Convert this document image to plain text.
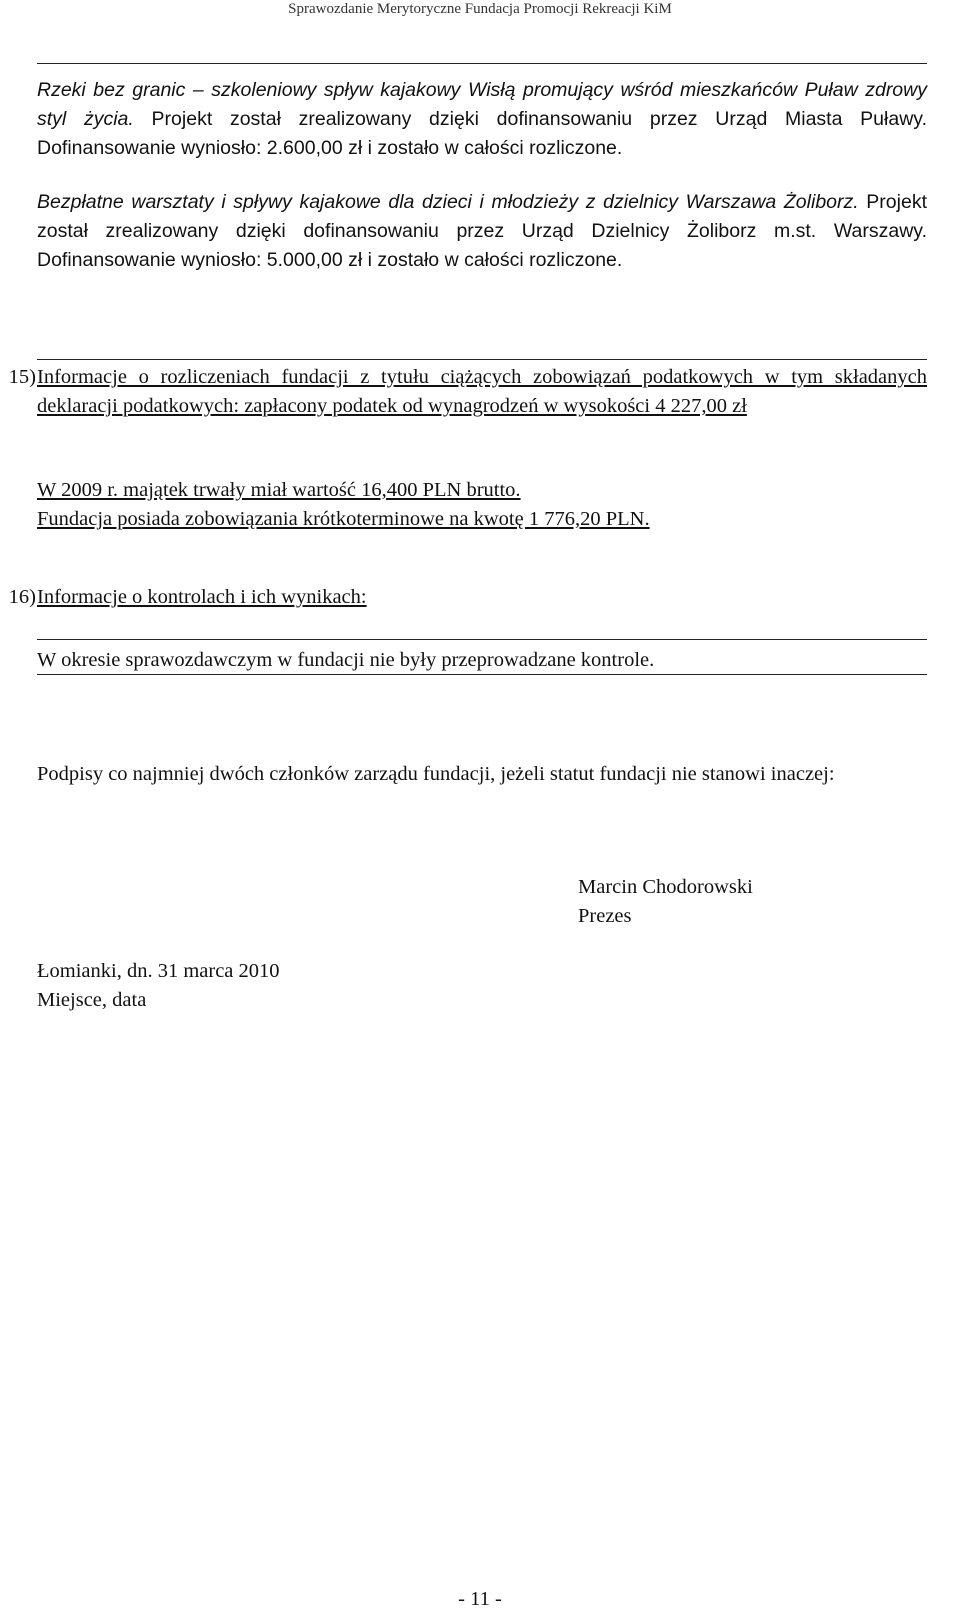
Sprawozdanie Merytoryczne Fundacja Promocji Rekreacji KiM
Rzeki bez granic – szkoleniowy spływ kajakowy Wisłą promujący wśród mieszkańców Puław zdrowy styl życia. Projekt został zrealizowany dzięki dofinansowaniu przez Urząd Miasta Puławy. Dofinansowanie wyniosło: 2.600,00 zł i zostało w całości rozliczone.
Bezpłatne warsztaty i spływy kajakowe dla dzieci i młodzieży z dzielnicy Warszawa Żoliborz. Projekt został zrealizowany dzięki dofinansowaniu przez Urząd Dzielnicy Żoliborz m.st. Warszawy. Dofinansowanie wyniosło: 5.000,00 zł i zostało w całości rozliczone.
15) Informacje o rozliczeniach fundacji z tytułu ciążących zobowiązań podatkowych w tym składanych deklaracji podatkowych: zapłacony podatek od wynagrodzeń w wysokości 4 227,00 zł
W 2009 r. majątek trwały miał wartość 16,400 PLN brutto.
Fundacja posiada zobowiązania krótkoterminowe na kwotę 1 776,20 PLN.
16) Informacje o kontrolach i ich wynikach:
W okresie sprawozdawczym w fundacji nie były przeprowadzane kontrole.
Podpisy co najmniej dwóch członków zarządu fundacji, jeżeli statut fundacji nie stanowi inaczej:
Marcin Chodorowski
Prezes
Łomianki, dn. 31 marca 2010
Miejsce, data
- 11 -
